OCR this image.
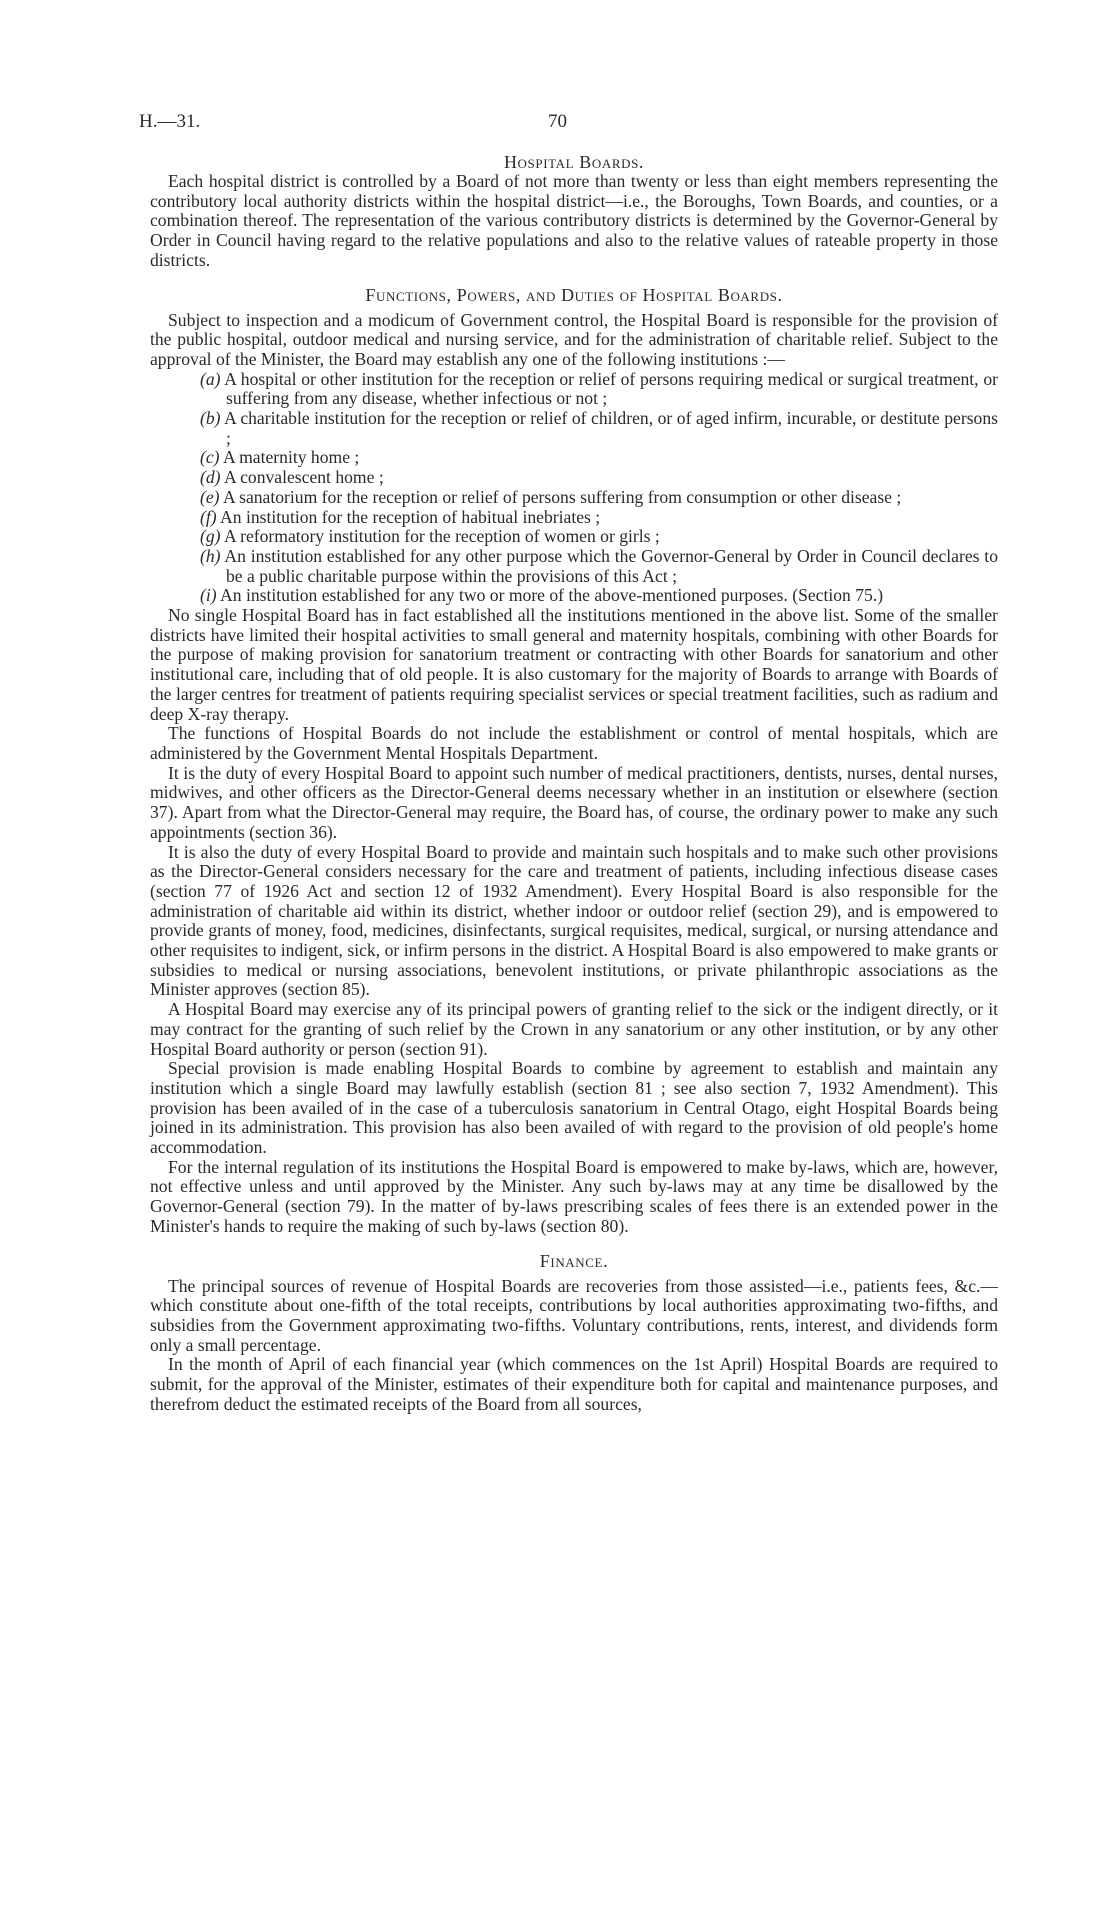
H.—31.	70
Hospital Boards.

Each hospital district is controlled by a Board of not more than twenty or less than eight members representing the contributory local authority districts within the hospital district—i.e., the Boroughs, Town Boards, and counties, or a combination thereof. The representation of the various contributory districts is determined by the Governor-General by Order in Council having regard to the relative populations and also to the relative values of rateable property in those districts.

Functions, Powers, and Duties of Hospital Boards.

Subject to inspection and a modicum of Government control, the Hospital Board is responsible for the provision of the public hospital, outdoor medical and nursing service, and for the administration of charitable relief. Subject to the approval of the Minister, the Board may establish any one of the following institutions :—

(a) A hospital or other institution for the reception or relief of persons requiring medical or surgical treatment, or suffering from any disease, whether infectious or not ;
(b) A charitable institution for the reception or relief of children, or of aged infirm, incurable, or destitute persons ;
(c) A maternity home ;
(d) A convalescent home ;
(e) A sanatorium for the reception or relief of persons suffering from consumption or other disease ;
(f) An institution for the reception of habitual inebriates ;
(g) A reformatory institution for the reception of women or girls ;
(h) An institution established for any other purpose which the Governor-General by Order in Council declares to be a public charitable purpose within the provisions of this Act ;
(i) An institution established for any two or more of the above-mentioned purposes. (Section 75.)

No single Hospital Board has in fact established all the institutions mentioned in the above list. Some of the smaller districts have limited their hospital activities to small general and maternity hospitals, combining with other Boards for the purpose of making provision for sanatorium treatment or contracting with other Boards for sanatorium and other institutional care, including that of old people. It is also customary for the majority of Boards to arrange with Boards of the larger centres for treatment of patients requiring specialist services or special treatment facilities, such as radium and deep X-ray therapy.

The functions of Hospital Boards do not include the establishment or control of mental hospitals, which are administered by the Government Mental Hospitals Department.

It is the duty of every Hospital Board to appoint such number of medical practitioners, dentists, nurses, dental nurses, midwives, and other officers as the Director-General deems necessary whether in an institution or elsewhere (section 37). Apart from what the Director-General may require, the Board has, of course, the ordinary power to make any such appointments (section 36).

It is also the duty of every Hospital Board to provide and maintain such hospitals and to make such other provisions as the Director-General considers necessary for the care and treatment of patients, including infectious disease cases (section 77 of 1926 Act and section 12 of 1932 Amendment). Every Hospital Board is also responsible for the administration of charitable aid within its district, whether indoor or outdoor relief (section 29), and is empowered to provide grants of money, food, medicines, disinfectants, surgical requisites, medical, surgical, or nursing attendance and other requisites to indigent, sick, or infirm persons in the district. A Hospital Board is also empowered to make grants or subsidies to medical or nursing associations, benevolent institutions, or private philanthropic associations as the Minister approves (section 85).

A Hospital Board may exercise any of its principal powers of granting relief to the sick or the indigent directly, or it may contract for the granting of such relief by the Crown in any sanatorium or any other institution, or by any other Hospital Board authority or person (section 91).

Special provision is made enabling Hospital Boards to combine by agreement to establish and maintain any institution which a single Board may lawfully establish (section 81 ; see also section 7, 1932 Amendment). This provision has been availed of in the case of a tuberculosis sanatorium in Central Otago, eight Hospital Boards being joined in its administration. This provision has also been availed of with regard to the provision of old people's home accommodation.

For the internal regulation of its institutions the Hospital Board is empowered to make by-laws, which are, however, not effective unless and until approved by the Minister. Any such by-laws may at any time be disallowed by the Governor-General (section 79). In the matter of by-laws prescribing scales of fees there is an extended power in the Minister's hands to require the making of such by-laws (section 80).

Finance.

The principal sources of revenue of Hospital Boards are recoveries from those assisted—i.e., patients fees, &c.—which constitute about one-fifth of the total receipts, contributions by local authorities approximating two-fifths, and subsidies from the Government approximating two-fifths. Voluntary contributions, rents, interest, and dividends form only a small percentage.

In the month of April of each financial year (which commences on the 1st April) Hospital Boards are required to submit, for the approval of the Minister, estimates of their expenditure both for capital and maintenance purposes, and therefrom deduct the estimated receipts of the Board from all sources,
